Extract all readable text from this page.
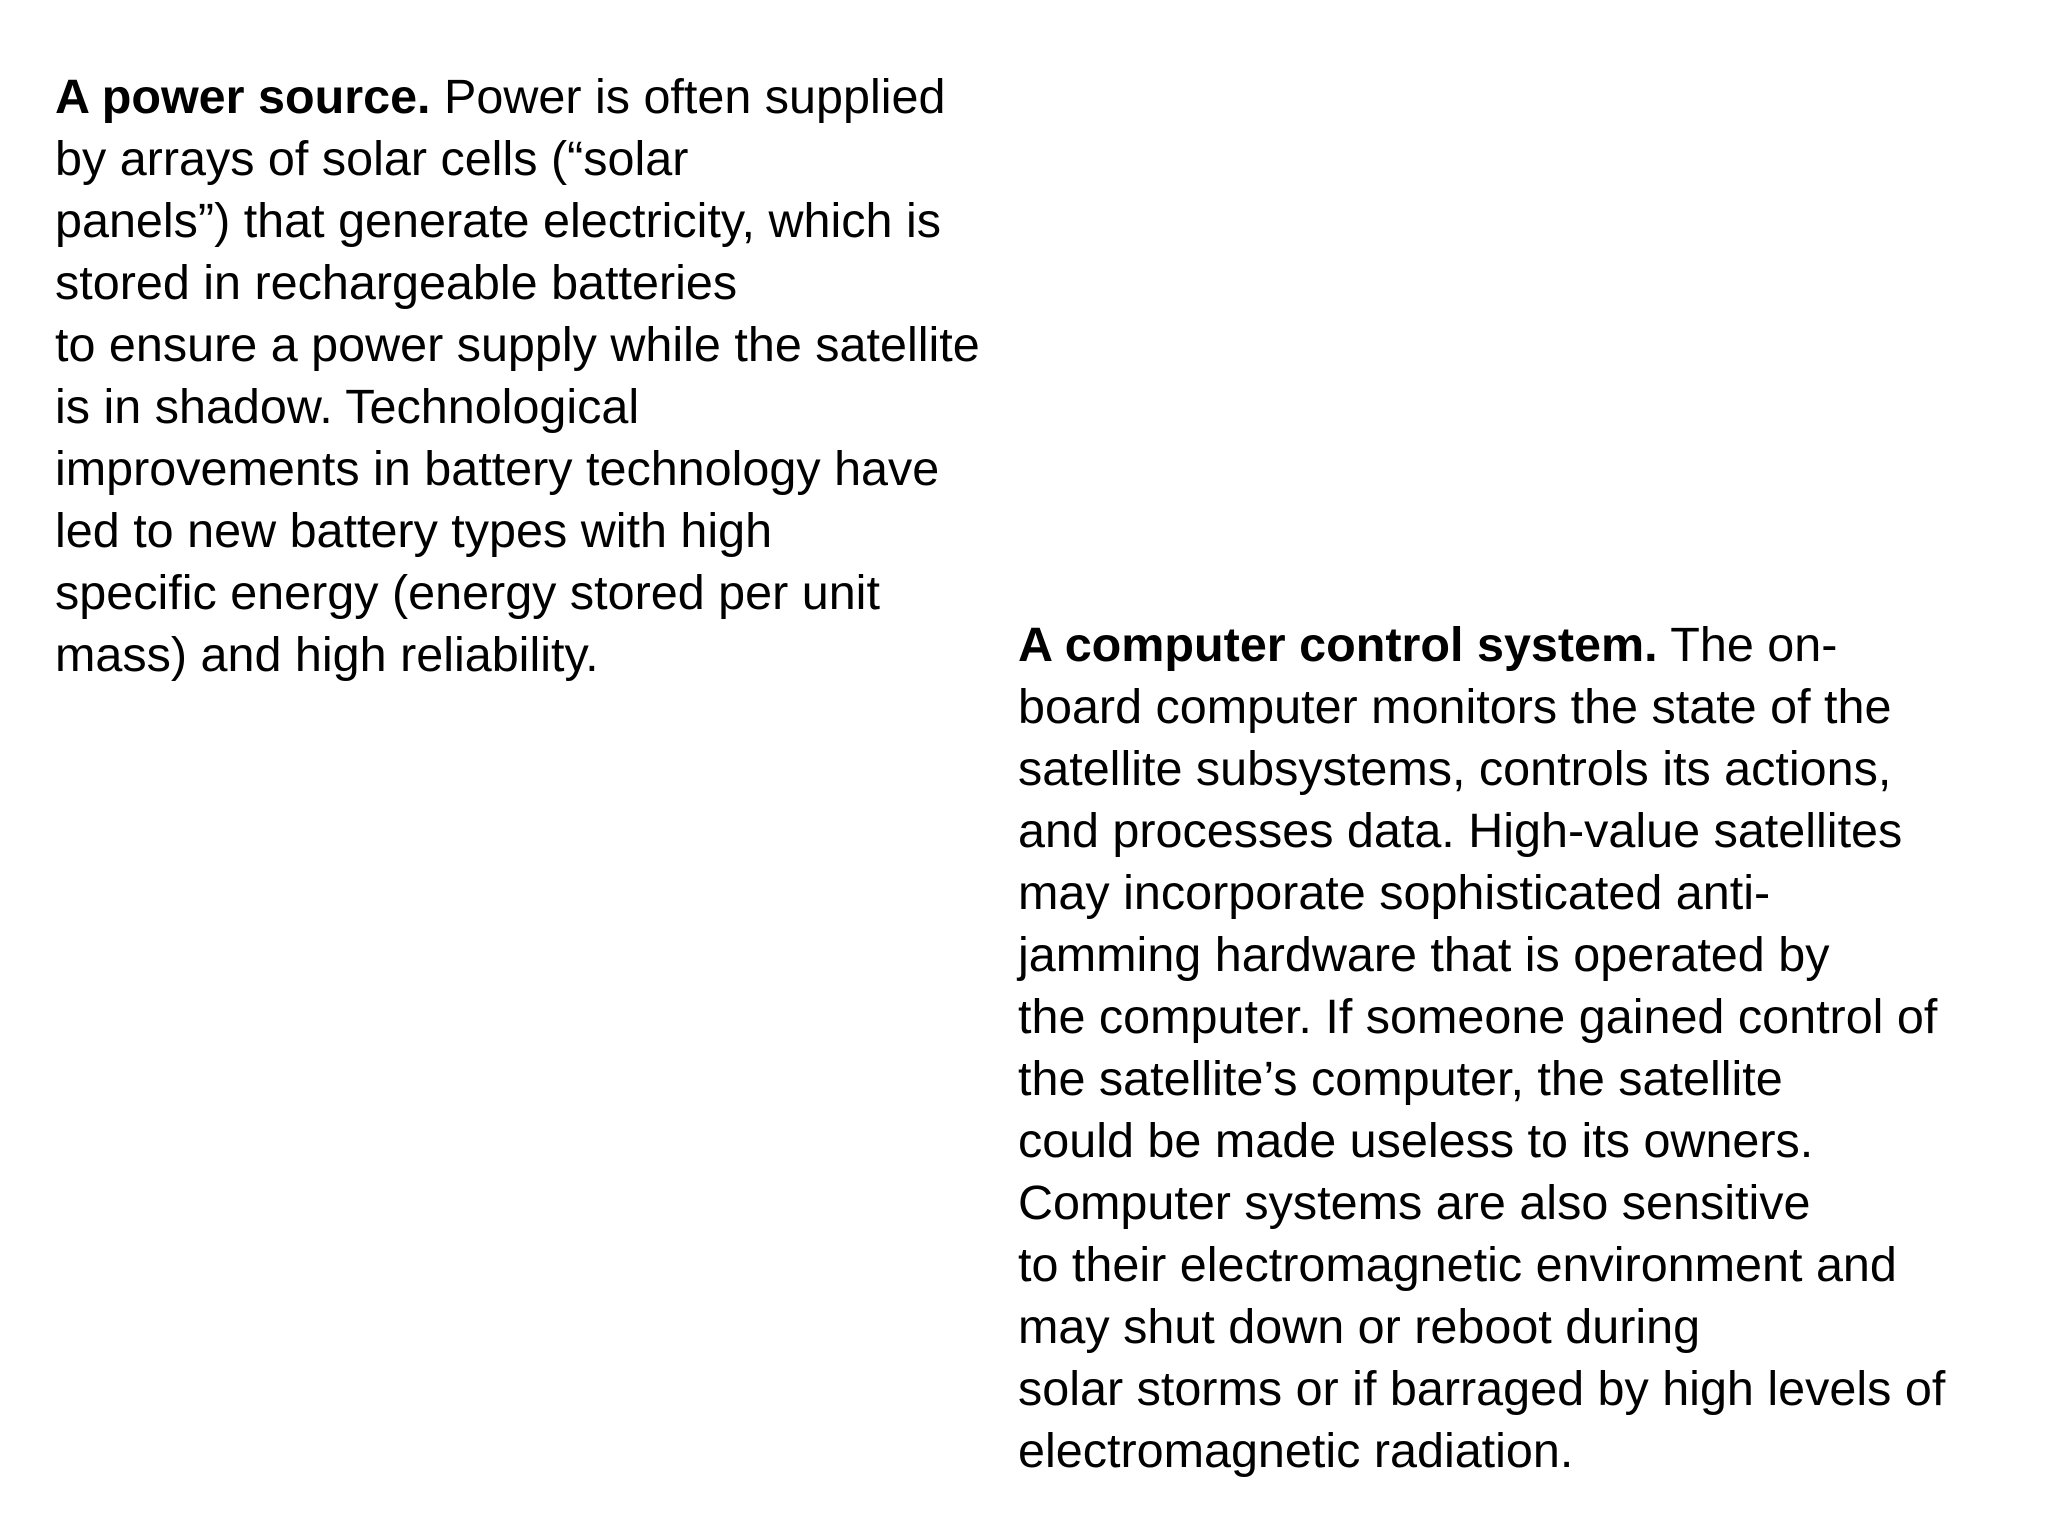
A power source. Power is often supplied
by arrays of solar cells (“solar
panels”) that generate electricity, which is
stored in rechargeable batteries
to ensure a power supply while the satellite
is in shadow. Technological
improvements in battery technology have
led to new battery types with high
specific energy (energy stored per unit
mass) and high reliability.	A computer control system. The on-
board computer monitors the state of the
satellite subsystems, controls its actions,
and processes data. High-value satellites
may incorporate sophisticated anti-
jamming hardware that is operated by
the computer. If someone gained control of
the satellite’s computer, the satellite
could be made useless to its owners.
Computer systems are also sensitive
to their electromagnetic environment and
may shut down or reboot during
solar storms or if barraged by high levels of
electromagnetic radiation.
